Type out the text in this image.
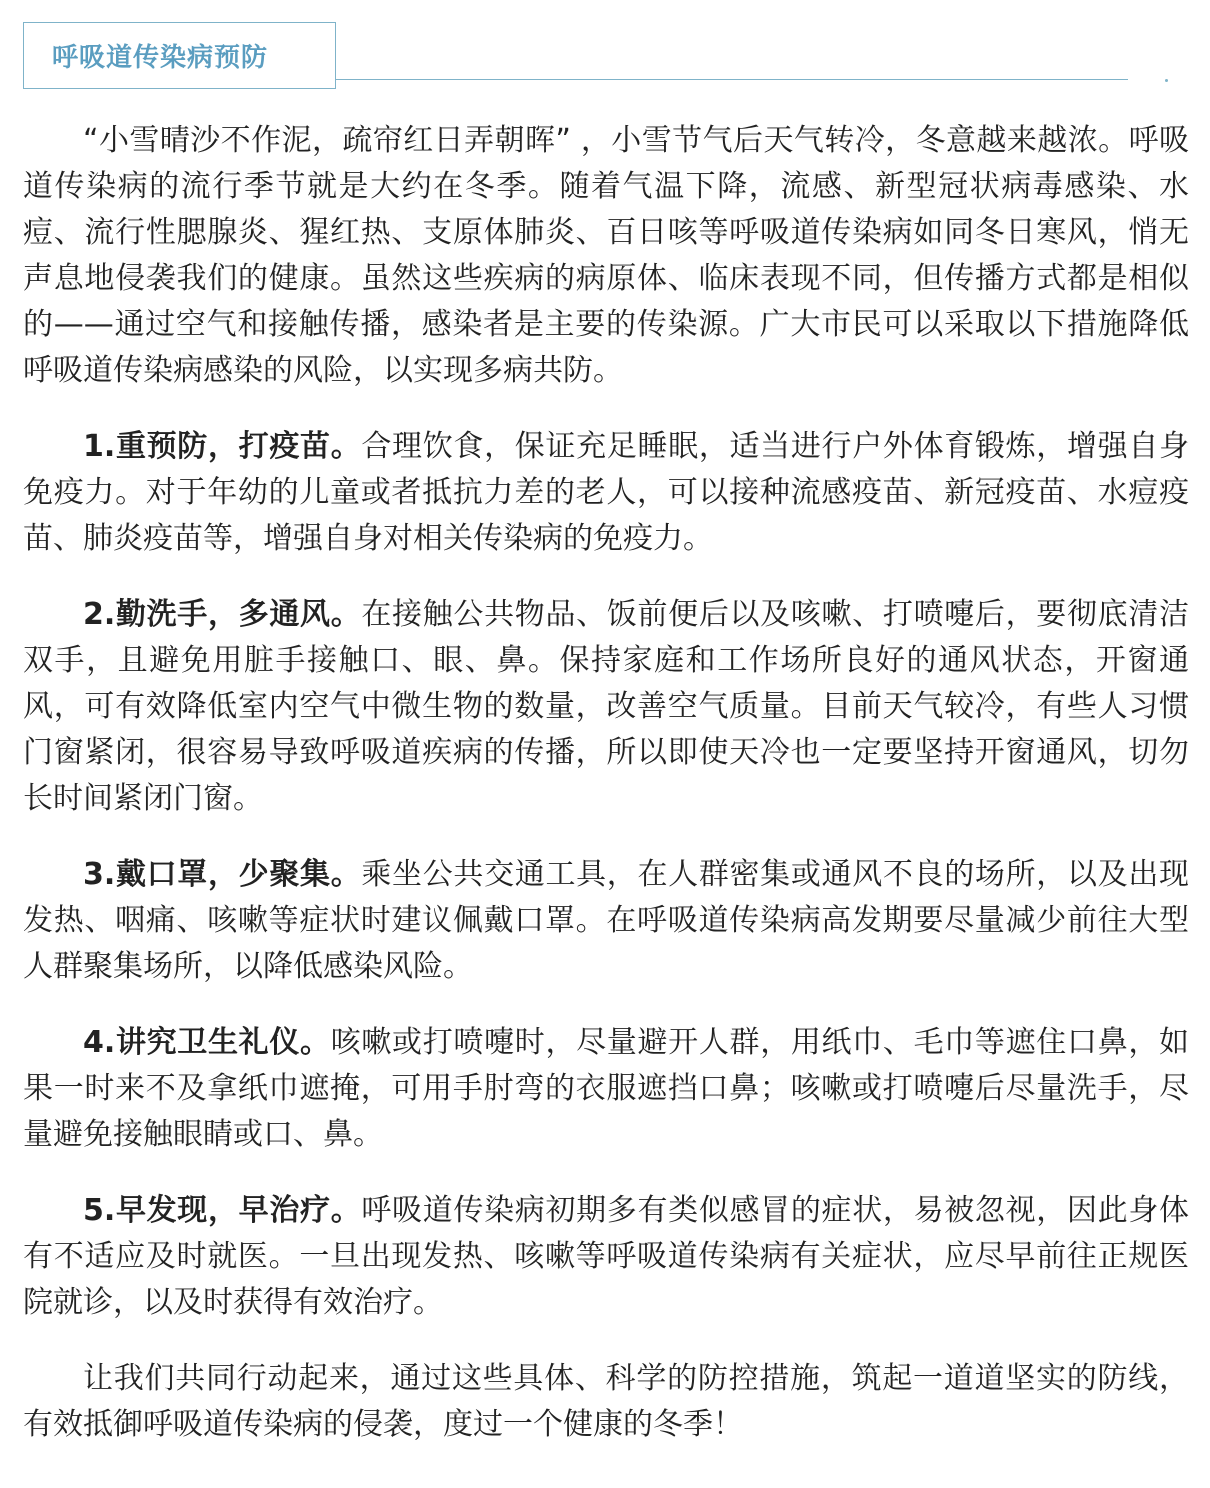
呼吸道传染病预防

“小雪晴沙不作泥，疏帘红日弄朝晖” ，小雪节气后天气转冷，冬意越来越浓。呼吸道传染病的流行季节就是大约在冬季。随着气温下降，流感、新型冠状病毒感染、水痘、流行性腮腺炎、猩红热、支原体肺炎、百日咳等呼吸道传染病如同冬日寒风，悄无声息地侵袭我们的健康。虽然这些疾病的病原体、临床表现不同，但传播方式都是相似的——通过空气和接触传播，感染者是主要的传染源。广大市民可以采取以下措施降低呼吸道传染病感染的风险，以实现多病共防。

1.重预防，打疫苗。合理饮食，保证充足睡眠，适当进行户外体育锻炼，增强自身免疫力。对于年幼的儿童或者抵抗力差的老人，可以接种流感疫苗、新冠疫苗、水痘疫苗、肺炎疫苗等，增强自身对相关传染病的免疫力。

2.勤洗手，多通风。在接触公共物品、饭前便后以及咳嗽、打喷嚏后，要彻底清洁双手，且避免用脏手接触口、眼、鼻。保持家庭和工作场所良好的通风状态，开窗通风，可有效降低室内空气中微生物的数量，改善空气质量。目前天气较冷，有些人习惯门窗紧闭，很容易导致呼吸道疾病的传播，所以即使天冷也一定要坚持开窗通风，切勿长时间紧闭门窗。

3.戴口罩，少聚集。乘坐公共交通工具，在人群密集或通风不良的场所，以及出现发热、咽痛、咳嗽等症状时建议佩戴口罩。在呼吸道传染病高发期要尽量减少前往大型人群聚集场所，以降低感染风险。

4.讲究卫生礼仪。咳嗽或打喷嚏时，尽量避开人群，用纸巾、毛巾等遮住口鼻，如果一时来不及拿纸巾遮掩，可用手肘弯的衣服遮挡口鼻；咳嗽或打喷嚏后尽量洗手，尽量避免接触眼睛或口、鼻。

5.早发现，早治疗。呼吸道传染病初期多有类似感冒的症状，易被忽视，因此身体有不适应及时就医。一旦出现发热、咳嗽等呼吸道传染病有关症状，应尽早前往正规医院就诊，以及时获得有效治疗。

让我们共同行动起来，通过这些具体、科学的防控措施，筑起一道道坚实的防线，有效抵御呼吸道传染病的侵袭，度过一个健康的冬季！
